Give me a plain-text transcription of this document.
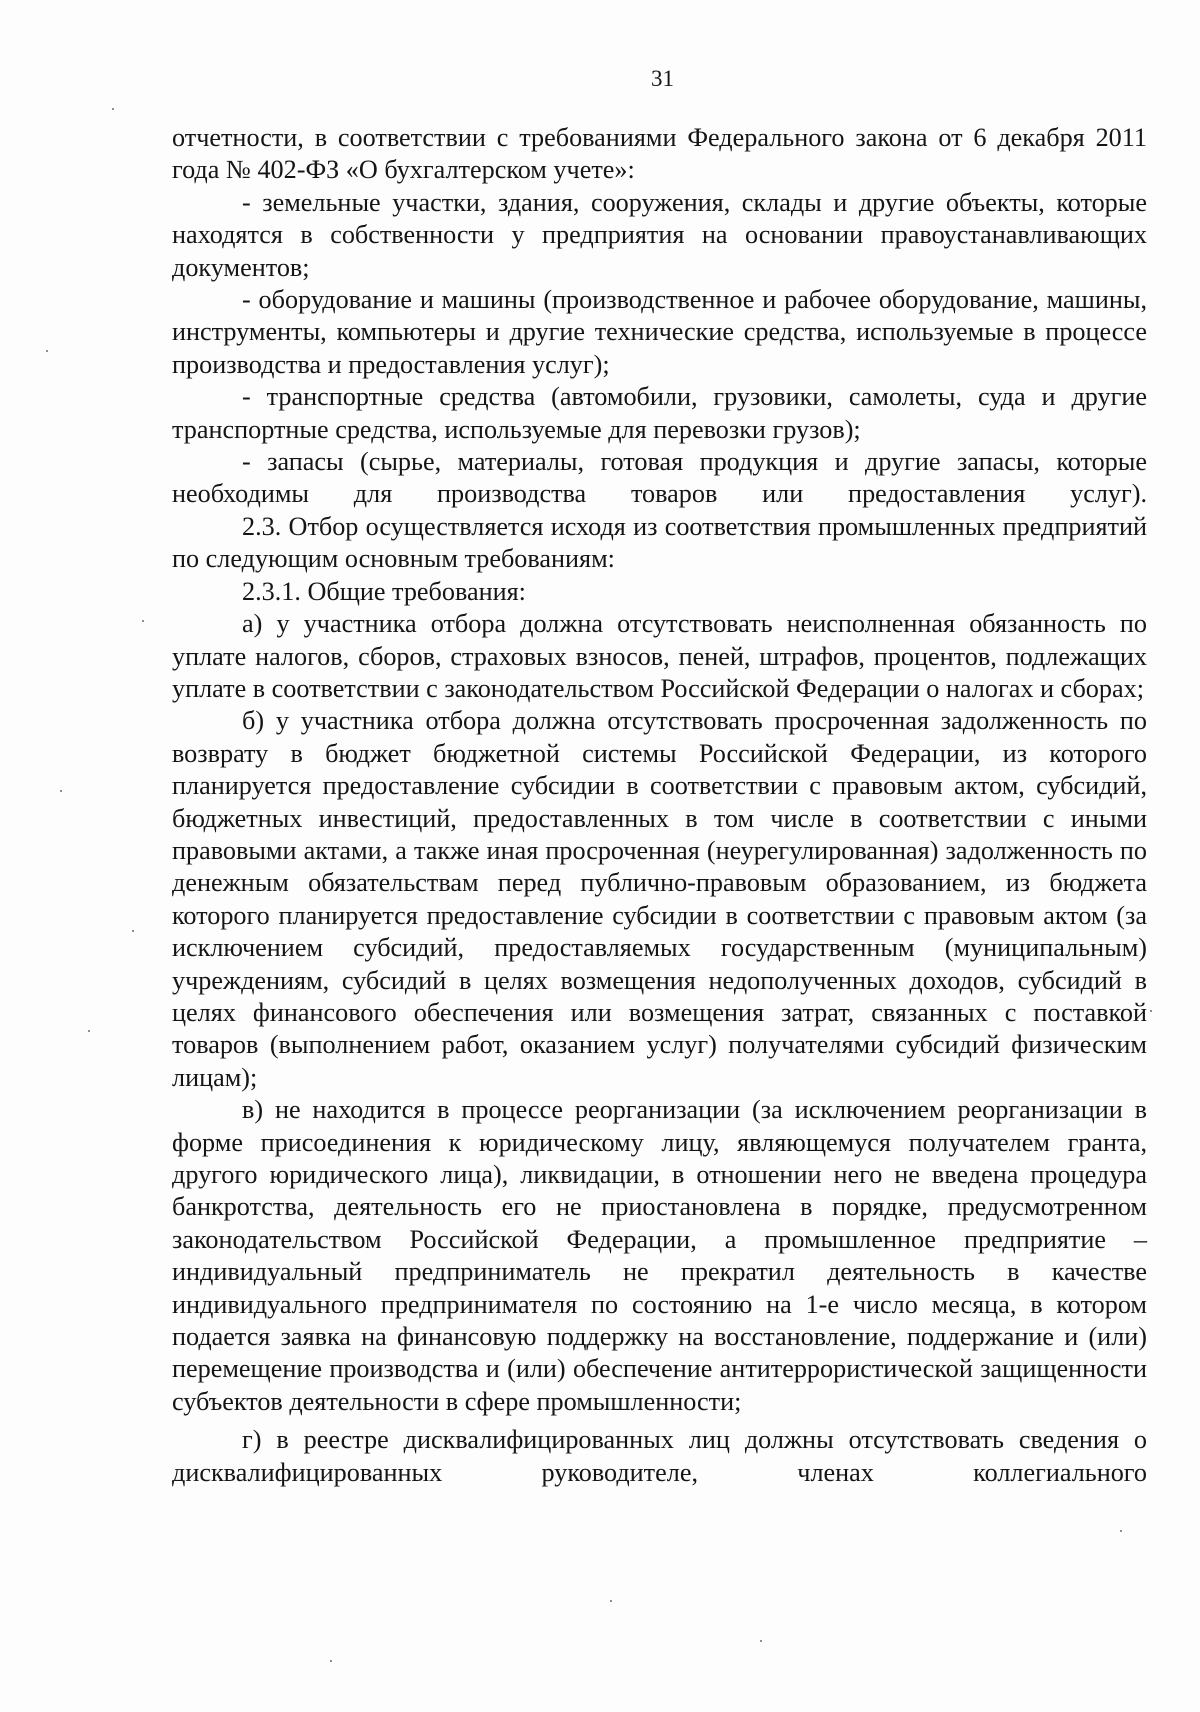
31

отчетности, в соответствии с требованиями Федерального закона от 6 декабря 2011 года № 402-ФЗ «О бухгалтерском учете»:

- земельные участки, здания, сооружения, склады и другие объекты, которые находятся в собственности у предприятия на основании правоустанавливающих документов;

- оборудование и машины (производственное и рабочее оборудование, машины, инструменты, компьютеры и другие технические средства, используемые в процессе производства и предоставления услуг);

- транспортные средства (автомобили, грузовики, самолеты, суда и другие транспортные средства, используемые для перевозки грузов);

- запасы (сырье, материалы, готовая продукция и другие запасы, которые необходимы для производства товаров или предоставления услуг).

2.3. Отбор осуществляется исходя из соответствия промышленных предприятий по следующим основным требованиям:

2.3.1. Общие требования:

а) у участника отбора должна отсутствовать неисполненная обязанность по уплате налогов, сборов, страховых взносов, пеней, штрафов, процентов, подлежащих уплате в соответствии с законодательством Российской Федерации о налогах и сборах;

б) у участника отбора должна отсутствовать просроченная задолженность по возврату в бюджет бюджетной системы Российской Федерации, из которого планируется предоставление субсидии в соответствии с правовым актом, субсидий, бюджетных инвестиций, предоставленных в том числе в соответствии с иными правовыми актами, а также иная просроченная (неурегулированная) задолженность по денежным обязательствам перед публично-правовым образованием, из бюджета которого планируется предоставление субсидии в соответствии с правовым актом (за исключением субсидий, предоставляемых государственным (муниципальным) учреждениям, субсидий в целях возмещения недополученных доходов, субсидий в целях финансового обеспечения или возмещения затрат, связанных с поставкой товаров (выполнением работ, оказанием услуг) получателями субсидий физическим лицам);

в) не находится в процессе реорганизации (за исключением реорганизации в форме присоединения к юридическому лицу, являющемуся получателем гранта, другого юридического лица), ликвидации, в отношении него не введена процедура банкротства, деятельность его не приостановлена в порядке, предусмотренном законодательством Российской Федерации, а промышленное предприятие – индивидуальный предприниматель не прекратил деятельность в качестве индивидуального предпринимателя по состоянию на 1-е число месяца, в котором подается заявка на финансовую поддержку на восстановление, поддержание и (или) перемещение производства и (или) обеспечение антитеррористической защищенности субъектов деятельности в сфере промышленности;

г) в реестре дисквалифицированных лиц должны отсутствовать сведения о дисквалифицированных руководителе, членах коллегиального
